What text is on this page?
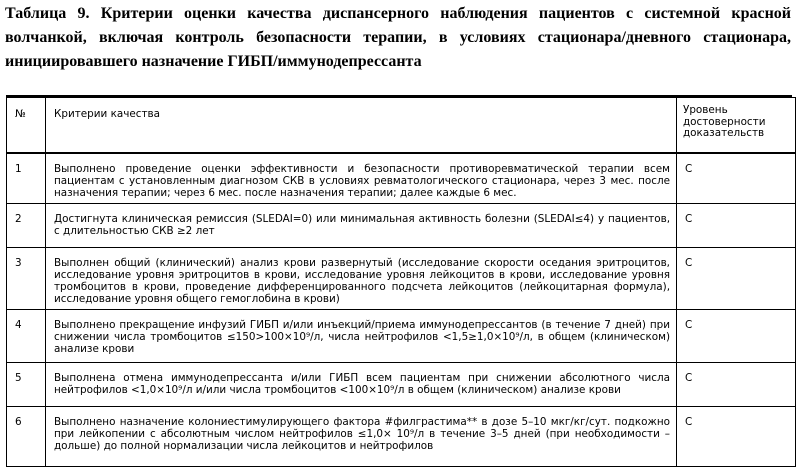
Таблица 9. Критерии оценки качества диспансерного наблюдения пациентов с системной красной волчанкой, включая контроль безопасности терапии, в условиях стационара/дневного стационара, инициировавшего назначение ГИБП/иммунодепрессанта
№	Критерии качества	Уровень достоверности доказательств

1	Выполнено проведение оценки эффективности и безопасности противоревматической терапии всем пациентам с установленным диагнозом СКВ в условиях ревматологического стационара, через 3 мес. после назначения терапии; через 6 мес. после назначения терапии; далее каждые 6 мес.	С

2	Достигнута клиническая ремиссия (SLEDAI=0) или минимальная активность болезни (SLEDAI≤4) у пациентов, с длительностью СКВ ≥2 лет	С

3	Выполнен общий (клинический) анализ крови развернутый (исследование скорости оседания эритроцитов, исследование уровня эритроцитов в крови, исследование уровня лейкоцитов в крови, исследование уровня тромбоцитов в крови, проведение дифференцированного подсчета лейкоцитов (лейкоцитарная формула), исследование уровня общего гемоглобина в крови)	С

4	Выполнено прекращение инфузий ГИБП и/или инъекций/приема иммунодепрессантов (в течение 7 дней) при снижении числа тромбоцитов ≤150>100×10⁹/л, числа нейтрофилов <1,5≥1,0×10⁹/л, в общем (клиническом) анализе крови	С

5	Выполнена отмена иммунодепрессанта и/или ГИБП всем пациентам при снижении абсолютного числа нейтрофилов <1,0×10⁹/л и/или числа тромбоцитов <100×10⁹/л в общем (клиническом) анализе крови	С

6	Выполнено назначение колониестимулирующего фактора #филграстима** в дозе 5–10 мкг/кг/сут. подкожно при лейкопении с абсолютным числом нейтрофилов ≤1,0× 10⁹/л в течение 3–5 дней (при необходимости – дольше) до полной нормализации числа лейкоцитов и нейтрофилов	С
